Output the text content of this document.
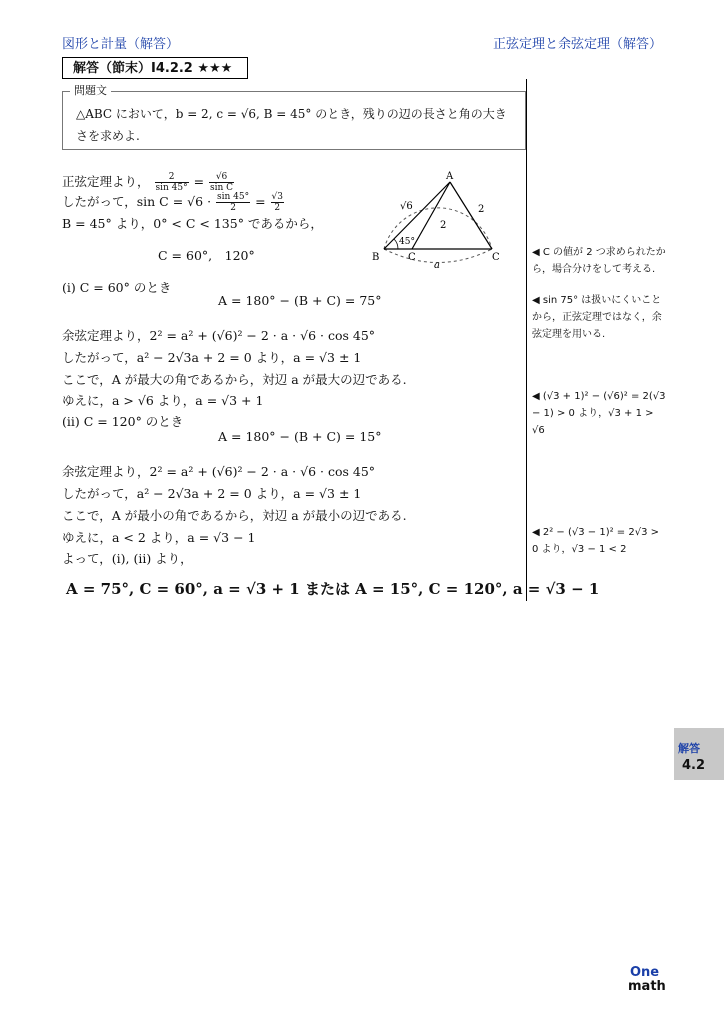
図形と計量（解答）	正弦定理と余弦定理（解答）
解答（節末）I4.2.2 ★★★
問題文
△ABC において，b = 2, c = √6, B = 45° のとき，残りの辺の長さと角の大きさを求めよ.
正弦定理より， $\frac{2}{\sin 45^\circ} = \frac{√6}{\text{sin C}}$
したがって，$\sin C = √6 \cdot \frac{\sin 45^\circ}{2} = \frac{√3}{2}$
B = 45° より，0° < C < 135° であるから，
C = 60°,　120°
(i) C = 60° のとき
A = 180° − (B + C) = 75°
余弦定理より，2² = a² + (√6)² − 2 · a · √6 · cos 45°
したがって，a² − 2√3a + 2 = 0 より，a = √3 ± 1
ここで，A が最大の角であるから，対辺 a が最大の辺である.
ゆえに，a > √6 より，a = √3 + 1
(ii) C = 120° のとき
A = 180° − (B + C) = 15°
余弦定理より，2² = a² + (√6)² − 2 · a · √6 · cos 45°
したがって，a² − 2√3a + 2 = 0 より，a = √3 ± 1
ここで，A が最小の角であるから，対辺 a が最小の辺である.
ゆえに，a < 2 より，a = √3 − 1
よって，(i), (ii) より，
A = 75°, C = 60°, a = √3 + 1 または A = 15°, C = 120°, a = √3 − 1
◀ C の値が 2 つ求められたから，場合分けをして考える.
◀ sin 75° は扱いにくいことから，正弦定理ではなく，余弦定理を用いる.
◀ (√3 + 1)² − (√6)² = 2(√3 − 1) > 0 より，√3 + 1 > √6
◀ 2² − (√3 − 1)² = 2√3 > 0 より，√3 − 1 < 2
A
B	C	C
√6	2
2
45°
a
解答
4.2
One
math
